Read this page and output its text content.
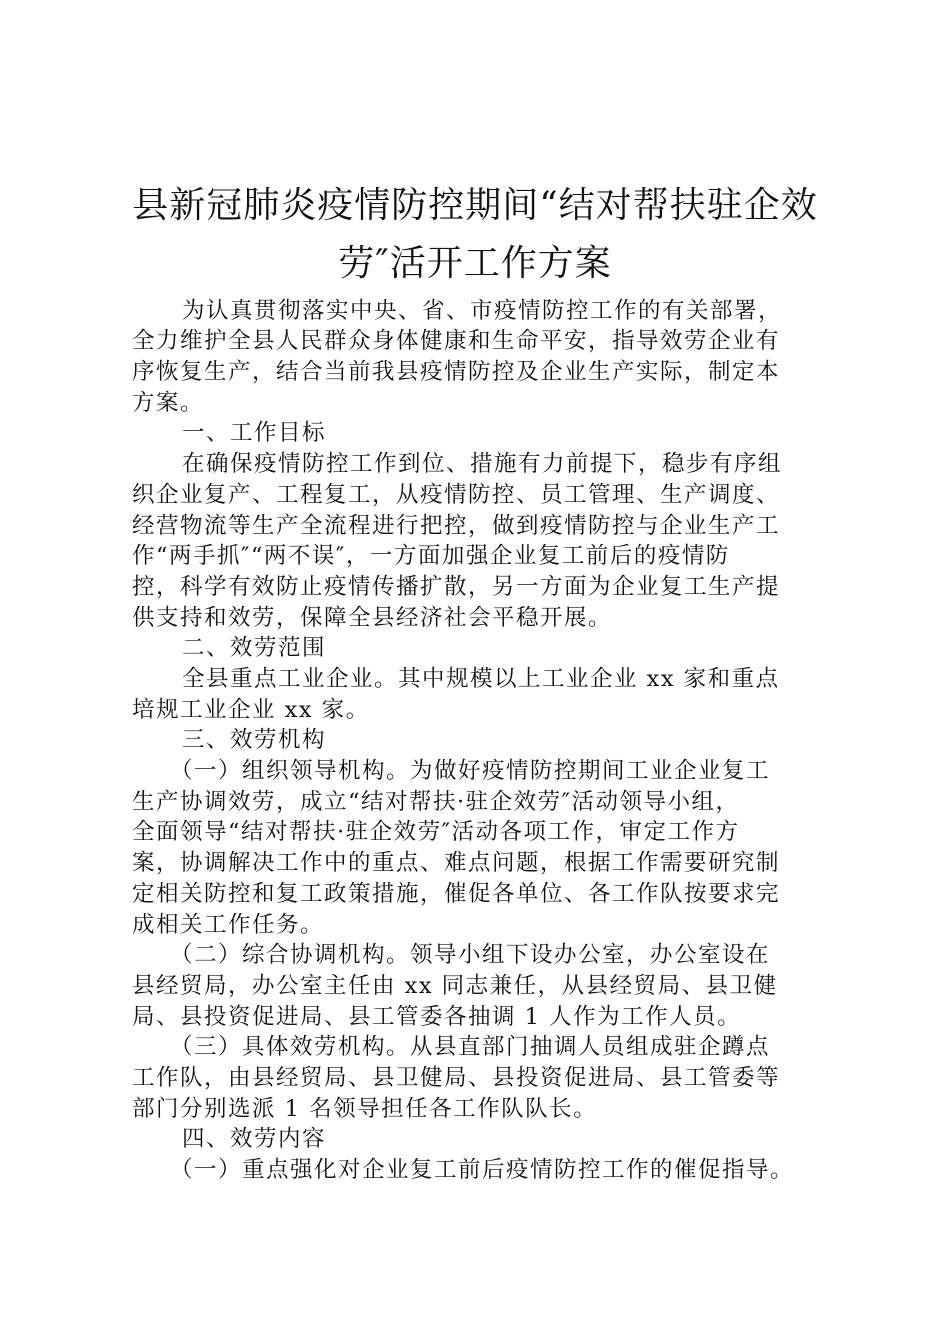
县新冠肺炎疫情防控期间“结对帮扶驻企效
劳″活开工作方案
为认真贯彻落实中央、省、市疫情防控工作的有关部署，
全力维护全县人民群众身体健康和生命平安，指导效劳企业有
序恢复生产，结合当前我县疫情防控及企业生产实际，制定本
方案。
一、工作目标
在确保疫情防控工作到位、措施有力前提下，稳步有序组
织企业复产、工程复工，从疫情防控、员工管理、生产调度、
经营物流等生产全流程进行把控，做到疫情防控与企业生产工
作“两手抓″“两不误″，一方面加强企业复工前后的疫情防
控，科学有效防止疫情传播扩散，另一方面为企业复工生产提
供支持和效劳，保障全县经济社会平稳开展。
二、效劳范围
全县重点工业企业。其中规模以上工业企业 xx 家和重点
培规工业企业 xx 家。
三、效劳机构
（一）组织领导机构。为做好疫情防控期间工业企业复工
生产协调效劳，成立“结对帮扶·驻企效劳″活动领导小组，
全面领导“结对帮扶·驻企效劳″活动各项工作，审定工作方
案，协调解决工作中的重点、难点问题，根据工作需要研究制
定相关防控和复工政策措施，催促各单位、各工作队按要求完
成相关工作任务。
（二）综合协调机构。领导小组下设办公室，办公室设在
县经贸局，办公室主任由 xx 同志兼任，从县经贸局、县卫健
局、县投资促进局、县工管委各抽调 1 人作为工作人员。
（三）具体效劳机构。从县直部门抽调人员组成驻企蹲点
工作队，由县经贸局、县卫健局、县投资促进局、县工管委等
部门分别选派 1 名领导担任各工作队队长。
四、效劳内容
（一）重点强化对企业复工前后疫情防控工作的催促指导。
